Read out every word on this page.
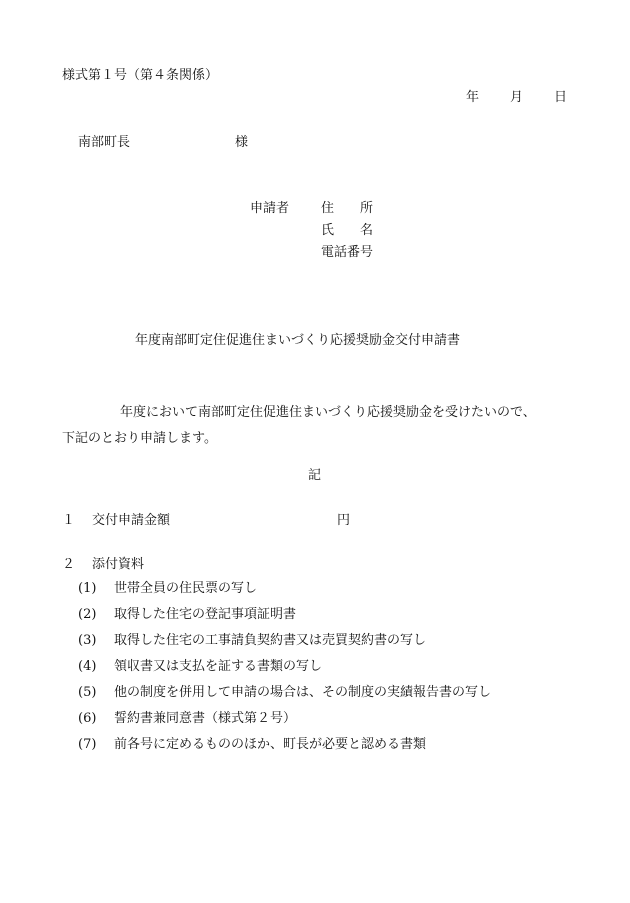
様式第１号（第４条関係）
年 月 日
南部町長	様
申請者 住　　所
氏　　名
電話番号
年度南部町定住促進住まいづくり応援奨励金交付申請書
年度において南部町定住促進住まいづくり応援奨励金を受けたいので、
下記のとおり申請します。
記
１ 交付申請金額	円
２ 添付資料
(1) 世帯全員の住民票の写し
(2) 取得した住宅の登記事項証明書
(3) 取得した住宅の工事請負契約書又は売買契約書の写し
(4) 領収書又は支払を証する書類の写し
(5) 他の制度を併用して申請の場合は、その制度の実績報告書の写し
(6) 誓約書兼同意書（様式第２号）
(7) 前各号に定めるもののほか、町長が必要と認める書類
